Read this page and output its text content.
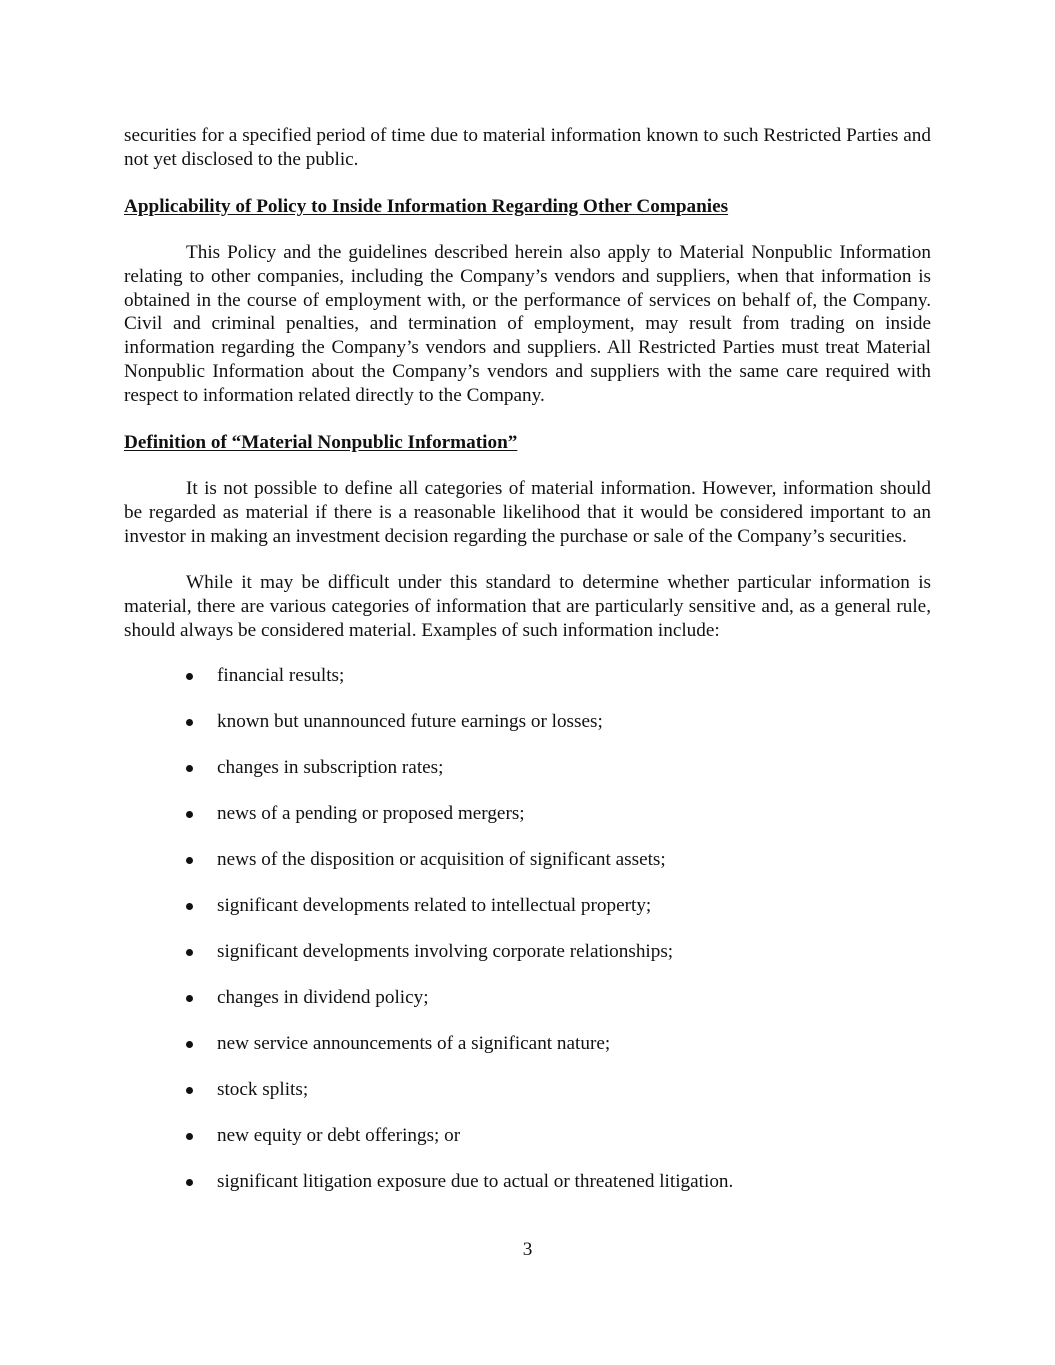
securities for a specified period of time due to material information known to such Restricted Parties and not yet disclosed to the public.

Applicability of Policy to Inside Information Regarding Other Companies

This Policy and the guidelines described herein also apply to Material Nonpublic Information relating to other companies, including the Company’s vendors and suppliers, when that information is obtained in the course of employment with, or the performance of services on behalf of, the Company. Civil and criminal penalties, and termination of employment, may result from trading on inside information regarding the Company’s vendors and suppliers. All Restricted Parties must treat Material Nonpublic Information about the Company’s vendors and suppliers with the same care required with respect to information related directly to the Company.

Definition of “Material Nonpublic Information”

It is not possible to define all categories of material information. However, information should be regarded as material if there is a reasonable likelihood that it would be considered important to an investor in making an investment decision regarding the purchase or sale of the Company’s securities.

While it may be difficult under this standard to determine whether particular information is material, there are various categories of information that are particularly sensitive and, as a general rule, should always be considered material. Examples of such information include:

financial results;
known but unannounced future earnings or losses;
changes in subscription rates;
news of a pending or proposed mergers;
news of the disposition or acquisition of significant assets;
significant developments related to intellectual property;
significant developments involving corporate relationships;
changes in dividend policy;
new service announcements of a significant nature;
stock splits;
new equity or debt offerings; or
significant litigation exposure due to actual or threatened litigation.
3
